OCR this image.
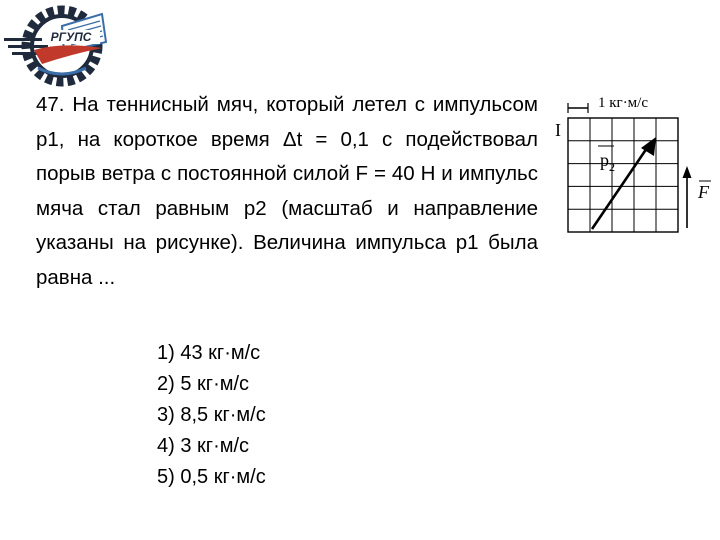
РГУПС

47. На теннисный мяч, который летел с импульсом p1, на короткое время Δt = 0,1 с подействовал порыв ветра с постоянной силой F = 40 Н и импульс мяча стал равным p2 (масштаб и направление указаны на рисунке). Величина импульса p1 была равна ...

1 кг·м/с
I
$p_2$
F
1) 43 кг·м/с
2) 5 кг·м/с
3) 8,5 кг·м/с
4) 3 кг·м/с
5) 0,5 кг·м/с
